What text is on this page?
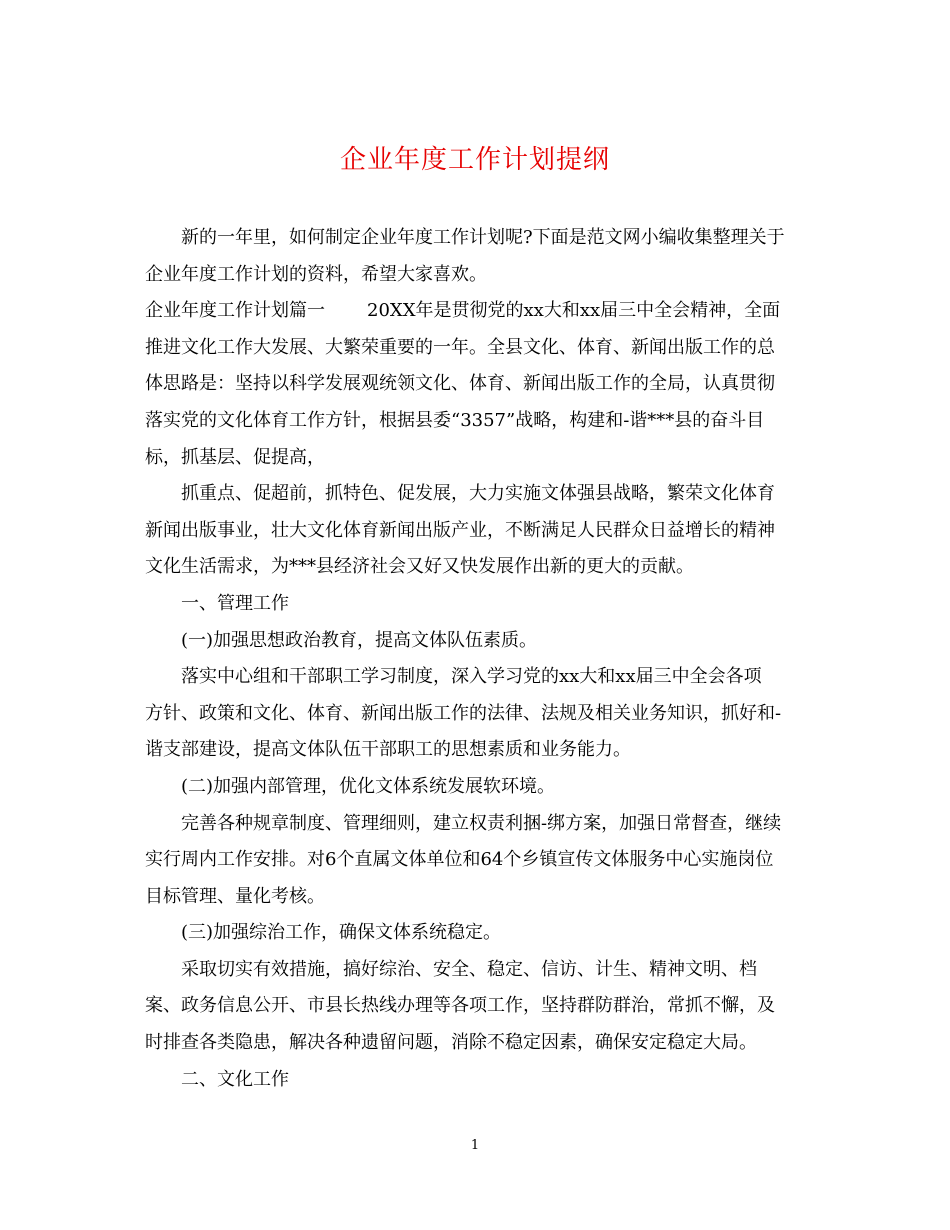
企业年度工作计划提纲

新的一年里，如何制定企业年度工作计划呢?下面是范文网小编收集整理关于

企业年度工作计划的资料，希望大家喜欢。

企业年度工作计划篇一 20XX年是贯彻党的xx大和xx届三中全会精神，全面

推进文化工作大发展、大繁荣重要的一年。全县文化、体育、新闻出版工作的总

体思路是：坚持以科学发展观统领文化、体育、新闻出版工作的全局，认真贯彻

落实党的文化体育工作方针，根据县委“3357”战略，构建和-谐***县的奋斗目

标，抓基层、促提高，

抓重点、促超前，抓特色、促发展，大力实施文体强县战略，繁荣文化体育

新闻出版事业，壮大文化体育新闻出版产业，不断满足人民群众日益增长的精神

文化生活需求，为***县经济社会又好又快发展作出新的更大的贡献。

一、管理工作

(一)加强思想政治教育，提高文体队伍素质。

落实中心组和干部职工学习制度，深入学习党的xx大和xx届三中全会各项

方针、政策和文化、体育、新闻出版工作的法律、法规及相关业务知识，抓好和-

谐支部建设，提高文体队伍干部职工的思想素质和业务能力。

(二)加强内部管理，优化文体系统发展软环境。

完善各种规章制度、管理细则，建立权责利捆-绑方案，加强日常督查，继续

实行周内工作安排。对6个直属文体单位和64个乡镇宣传文体服务中心实施岗位

目标管理、量化考核。

(三)加强综治工作，确保文体系统稳定。

采取切实有效措施，搞好综治、安全、稳定、信访、计生、精神文明、档

案、政务信息公开、市县长热线办理等各项工作，坚持群防群治，常抓不懈，及

时排查各类隐患，解决各种遗留问题，消除不稳定因素，确保安定稳定大局。

二、文化工作

1
